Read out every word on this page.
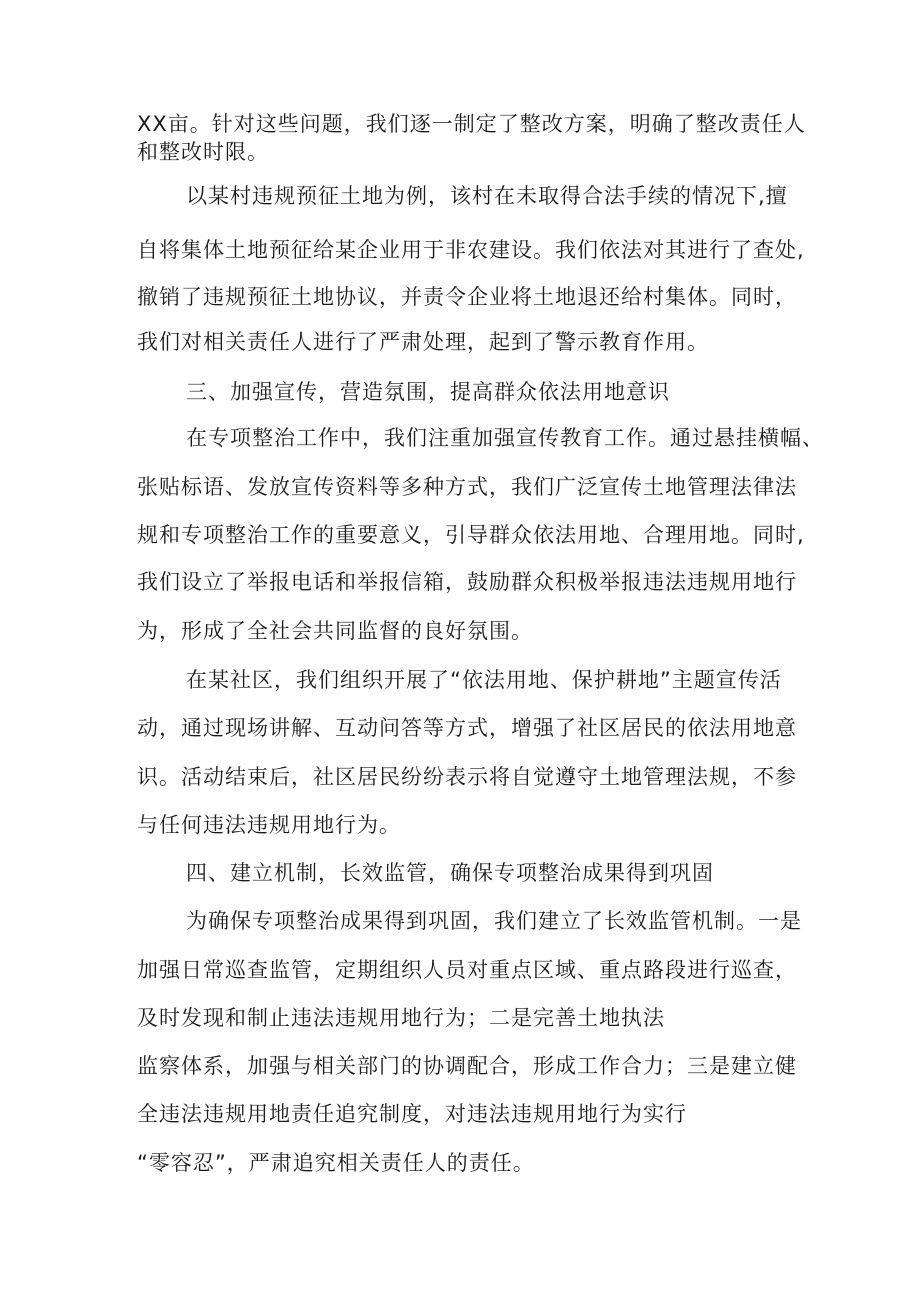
XX亩。针对这些问题，我们逐一制定了整改方案，明确了整改责任人
和整改时限。
以某村违规预征土地为例，该村在未取得合法手续的情况下,擅
自将集体土地预征给某企业用于非农建设。我们依法对其进行了查处,
撤销了违规预征土地协议，并责令企业将土地退还给村集体。同时，
我们对相关责任人进行了严肃处理，起到了警示教育作用。
三、加强宣传，营造氛围，提高群众依法用地意识
在专项整治工作中，我们注重加强宣传教育工作。通过悬挂横幅、
张贴标语、发放宣传资料等多种方式，我们广泛宣传土地管理法律法
规和专项整治工作的重要意义，引导群众依法用地、合理用地。同时,
我们设立了举报电话和举报信箱，鼓励群众积极举报违法违规用地行
为，形成了全社会共同监督的良好氛围。
在某社区，我们组织开展了“依法用地、保护耕地”主题宣传活
动，通过现场讲解、互动问答等方式，增强了社区居民的依法用地意
识。活动结束后，社区居民纷纷表示将自觉遵守土地管理法规，不参
与任何违法违规用地行为。
四、建立机制，长效监管，确保专项整治成果得到巩固
为确保专项整治成果得到巩固，我们建立了长效监管机制。一是
加强日常巡查监管，定期组织人员对重点区域、重点路段进行巡查，
及时发现和制止违法违规用地行为；二是完善土地执法
监察体系，加强与相关部门的协调配合，形成工作合力；三是建立健
全违法违规用地责任追究制度，对违法违规用地行为实行
“零容忍”，严肃追究相关责任人的责任。
